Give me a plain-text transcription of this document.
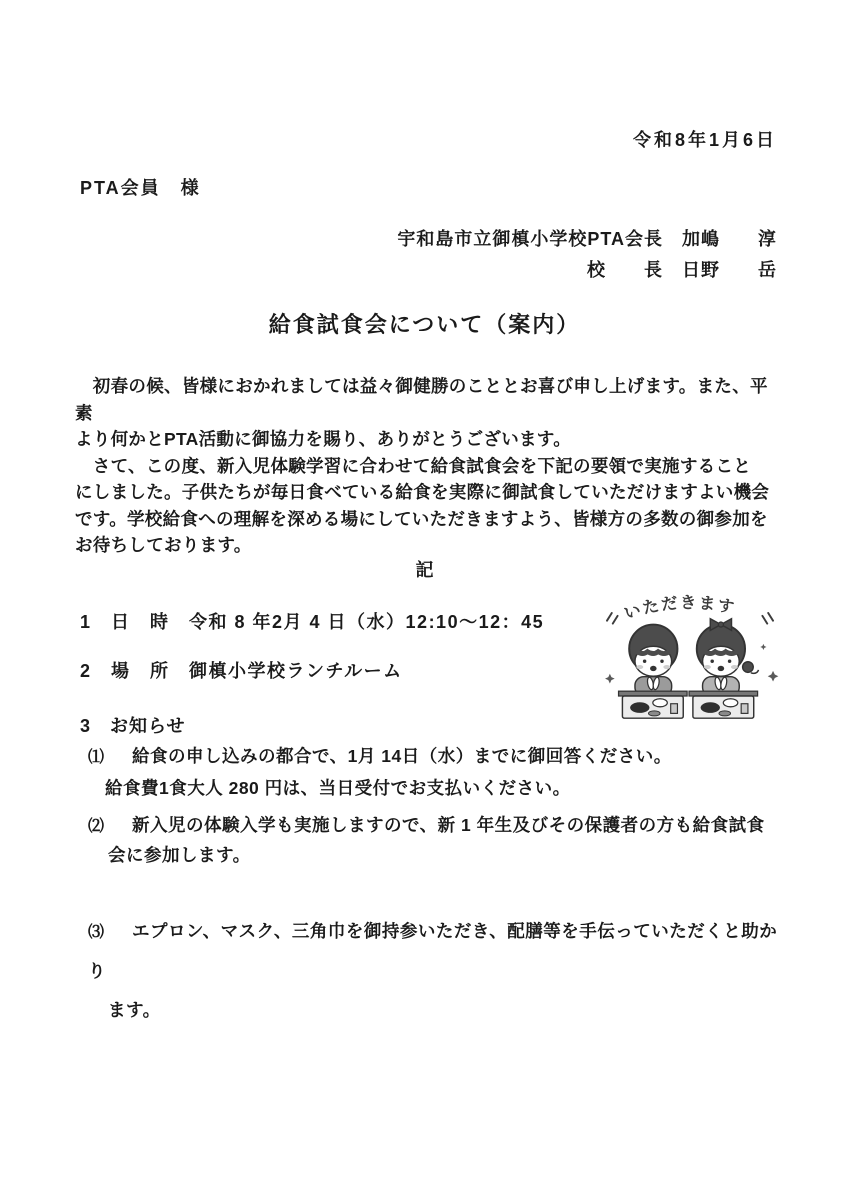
令和8年1月6日
PTA会員　様
宇和島市立御槙小学校PTA会長　加嶋　　淳
校　　長　日野　　岳
給食試食会について（案内）
　初春の候、皆様におかれましては益々御健勝のこととお喜び申し上げます。また、平素
より何かとPTA活動に御協力を賜り、ありがとうございます。
　さて、この度、新入児体験学習に合わせて給食試食会を下記の要領で実施すること
にしました。子供たちが毎日食べている給食を実際に御試食していただけますよい機会
です。学校給食への理解を深める場にしていただきますよう、皆様方の多数の御参加を
お待ちしております。
記
1　日　時　令和 8 年2月 4 日（水）12:10～12：45
2　場　所　御槙小学校ランチルーム
3　お知らせ
⑴ 給食の申し込みの都合で、1月 14日（水）までに御回答ください。
給食費1食大人 280 円は、当日受付でお支払いください。
⑵ 新入児の体験入学も実施しますので、新 1 年生及びその保護者の方も給食試食
会に参加します。
⑶ エプロン、マスク、三角巾を御持参いただき、配膳等を手伝っていただくと助かり
ます。
いただきます
